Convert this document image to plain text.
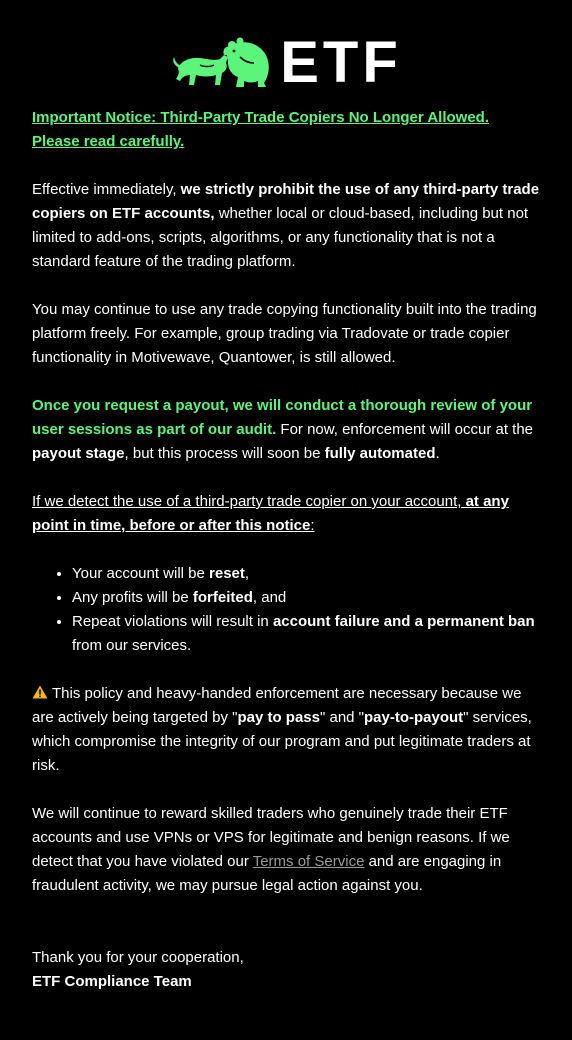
ETF

Important Notice: Third-Party Trade Copiers No Longer Allowed. Please read carefully.

Effective immediately, we strictly prohibit the use of any third-party trade copiers on ETF accounts, whether local or cloud-based, including but not limited to add-ons, scripts, algorithms, or any functionality that is not a standard feature of the trading platform.

You may continue to use any trade copying functionality built into the trading platform freely. For example, group trading via Tradovate or trade copier functionality in Motivewave, Quantower, is still allowed.

Once you request a payout, we will conduct a thorough review of your user sessions as part of our audit. For now, enforcement will occur at the payout stage, but this process will soon be fully automated.

If we detect the use of a third-party trade copier on your account, at any point in time, before or after this notice:

• Your account will be reset,
• Any profits will be forfeited, and
• Repeat violations will result in account failure and a permanent ban from our services.

This policy and heavy-handed enforcement are necessary because we are actively being targeted by "pay to pass" and "pay-to-payout" services, which compromise the integrity of our program and put legitimate traders at risk.

We will continue to reward skilled traders who genuinely trade their ETF accounts and use VPNs or VPS for legitimate and benign reasons. If we detect that you have violated our Terms of Service and are engaging in fraudulent activity, we may pursue legal action against you.

Thank you for your cooperation,
ETF Compliance Team
